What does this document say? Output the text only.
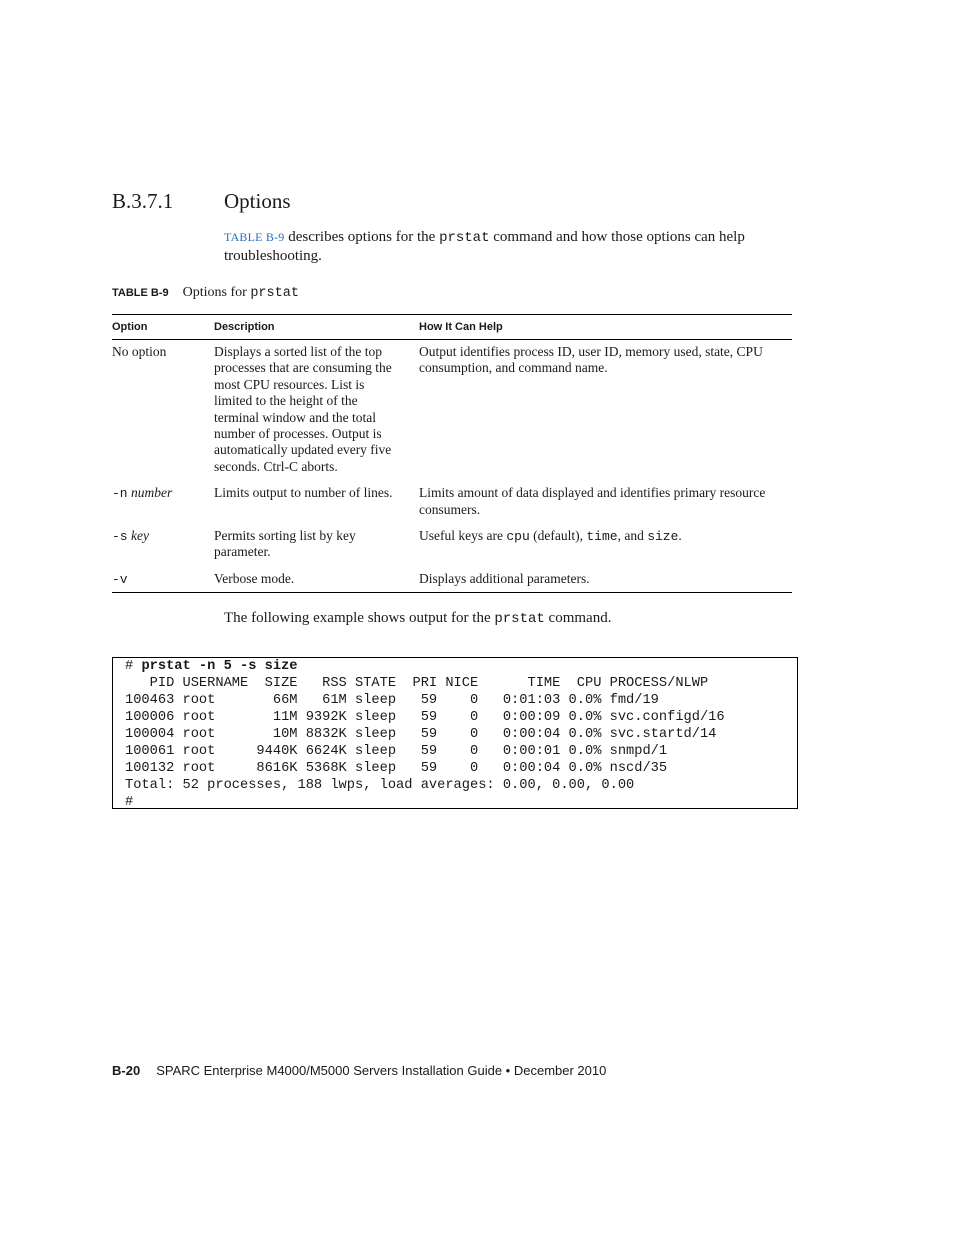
B.3.7.1 Options

TABLE B-9 describes options for the prstat command and how those options can help troubleshooting.

TABLE B-9 Options for prstat
Option	Description	How It Can Help
No option	Displays a sorted list of the top processes that are consuming the most CPU resources. List is limited to the height of the terminal window and the total number of processes. Output is automatically updated every five seconds. Ctrl-C aborts.	Output identifies process ID, user ID, memory used, state, CPU consumption, and command name.
-n number	Limits output to number of lines.	Limits amount of data displayed and identifies primary resource consumers.
-s key	Permits sorting list by key parameter.	Useful keys are cpu (default), time, and size.
-v	Verbose mode.	Displays additional parameters.
The following example shows output for the prstat command.
# prstat -n 5 -s size
PID USERNAME  SIZE   RSS STATE  PRI NICE      TIME  CPU PROCESS/NLWP
100463 root       66M   61M sleep   59    0   0:01:03 0.0% fmd/19
100006 root       11M 9392K sleep   59    0   0:00:09 0.0% svc.configd/16
100004 root       10M 8832K sleep   59    0   0:00:04 0.0% svc.startd/14
100061 root     9440K 6624K sleep   59    0   0:00:01 0.0% snmpd/1
100132 root     8616K 5368K sleep   59    0   0:00:04 0.0% nscd/35
Total: 52 processes, 188 lwps, load averages: 0.00, 0.00, 0.00
#
B-20 SPARC Enterprise M4000/M5000 Servers Installation Guide • December 2010
